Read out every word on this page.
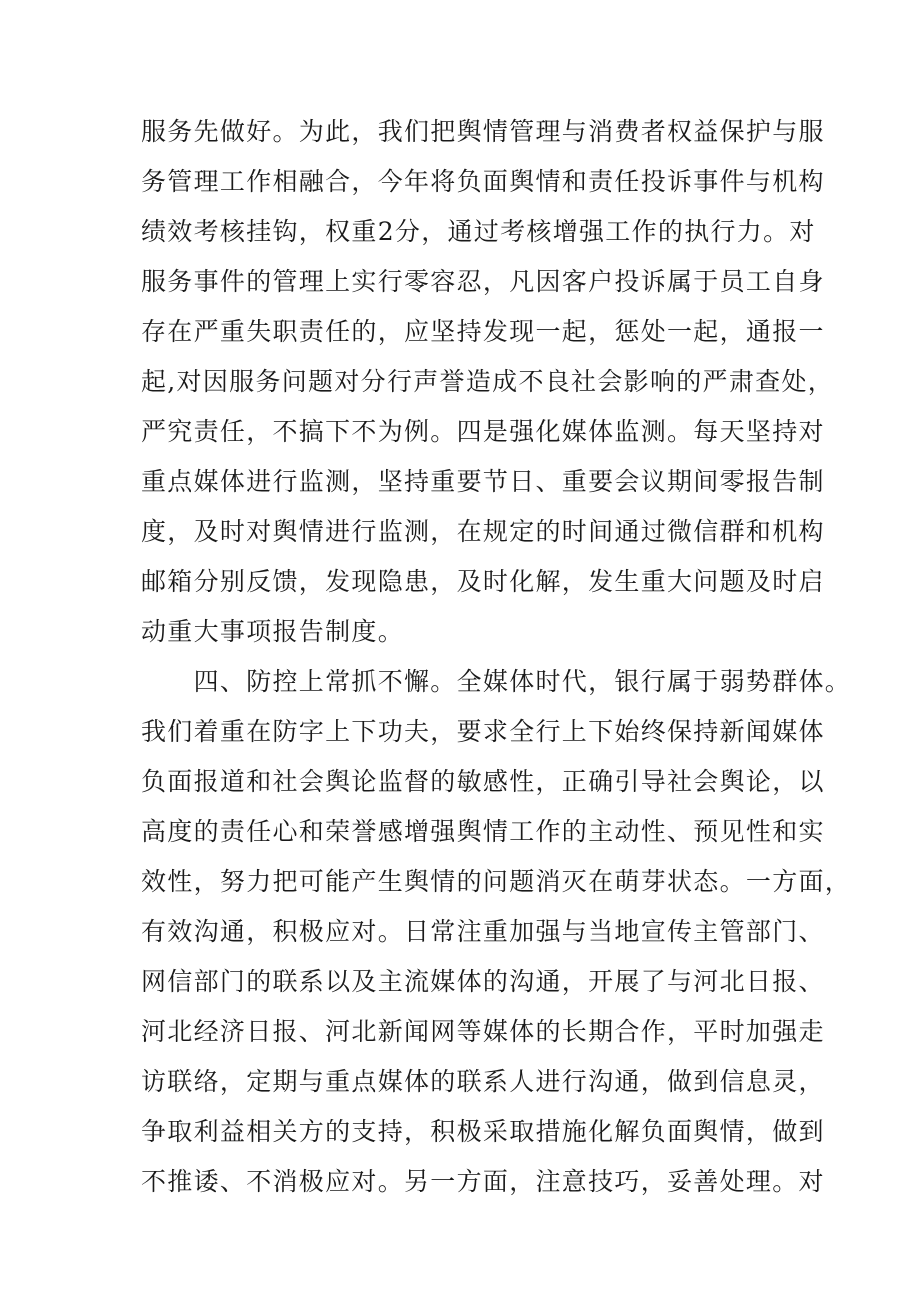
服务先做好。为此，我们把舆情管理与消费者权益保护与服
务管理工作相融合，今年将负面舆情和责任投诉事件与机构
绩效考核挂钩，权重2分，通过考核增强工作的执行力。对
服务事件的管理上实行零容忍，凡因客户投诉属于员工自身
存在严重失职责任的，应坚持发现一起，惩处一起，通报一
起,对因服务问题对分行声誉造成不良社会影响的严肃查处，
严究责任，不搞下不为例。四是强化媒体监测。每天坚持对
重点媒体进行监测，坚持重要节日、重要会议期间零报告制
度，及时对舆情进行监测，在规定的时间通过微信群和机构
邮箱分别反馈，发现隐患，及时化解，发生重大问题及时启
动重大事项报告制度。
　　四、防控上常抓不懈。全媒体时代，银行属于弱势群体。
我们着重在防字上下功夫，要求全行上下始终保持新闻媒体
负面报道和社会舆论监督的敏感性，正确引导社会舆论，以
高度的责任心和荣誉感增强舆情工作的主动性、预见性和实
效性，努力把可能产生舆情的问题消灭在萌芽状态。一方面，
有效沟通，积极应对。日常注重加强与当地宣传主管部门、
网信部门的联系以及主流媒体的沟通，开展了与河北日报、
河北经济日报、河北新闻网等媒体的长期合作，平时加强走
访联络，定期与重点媒体的联系人进行沟通，做到信息灵，
争取利益相关方的支持，积极采取措施化解负面舆情，做到
不推诿、不消极应对。另一方面，注意技巧，妥善处理。对
